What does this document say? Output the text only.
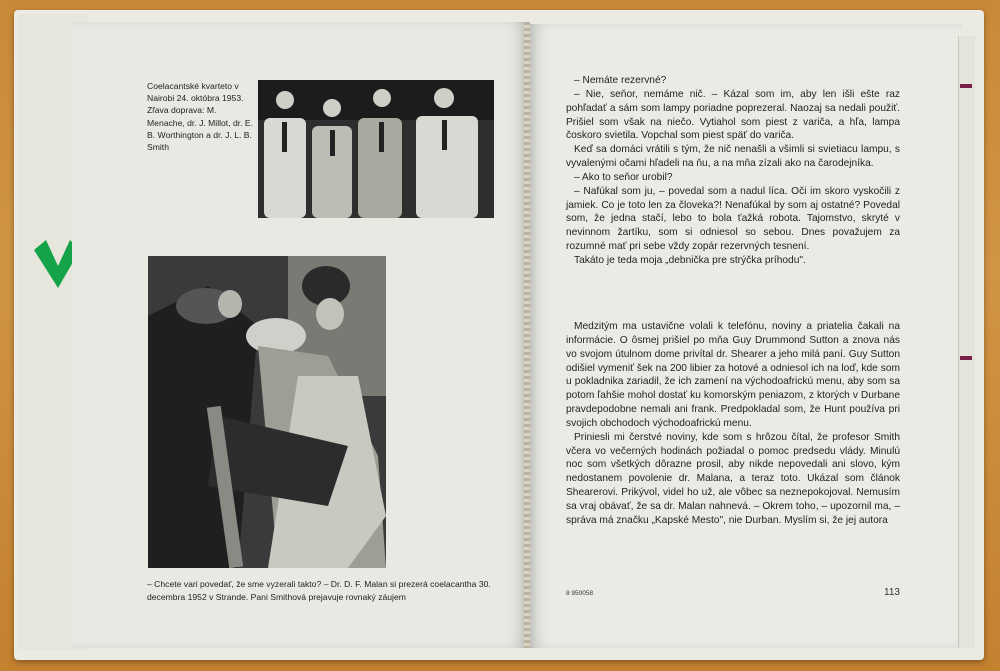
Coelacantské kvarteto v Nairobi 24. októbra 1953. Zľava doprava: M. Menache, dr. J. Millot, dr. E. B. Worthington a dr. J. L. B. Smith
– Chcete vari povedať, že sme vyzerali takto? – Dr. D. F. Malan si prezerá coelacantha 30. decembra 1952 v Strande. Pani Smithová prejavuje rovnaký záujem

– Nemáte rezervné?

– Nie, seňor, nemáme nič. – Kázal som im, aby len išli ešte raz pohľadať a sám som lampy poriadne poprezeral. Naozaj sa nedali použiť. Prišiel som však na niečo. Vytiahol som piest z variča, a hľa, lampa čoskoro svietila. Vopchal som piest späť do variča.

Keď sa domáci vrátili s tým, že nič nenašli a všimli si svietiacu lampu, s vyvalenými očami hľadeli na ňu, a na mňa zízali ako na čarodejníka.

– Ako to seňor urobil?

– Nafúkal som ju, – povedal som a nadul líca. Oči im skoro vyskočili z jamiek. Co je toto len za človeka?! Nenafúkal by som aj ostatné? Povedal som, že jedna stačí, lebo to bola ťažká robota. Tajomstvo, skryté v nevinnom žartíku, som si odniesol so sebou. Dnes považujem za rozumné mať pri sebe vždy zopár rezervných tesnení.

Takáto je teda moja „debnička pre strýčka príhodu".

Medzitým ma ustavične volali k telefónu, noviny a priatelia čakali na informácie. O ôsmej prišiel po mňa Guy Drummond Sutton a znova nás vo svojom útulnom dome privítal dr. Shearer a jeho milá paní. Guy Sutton odišiel vymeniť šek na 200 libier za hotové a odniesol ich na loď, kde som u pokladnika zariadil, že ich zamení na východoafrickú menu, aby som sa potom ľahšie mohol dostať ku komorským peniazom, z ktorých v Durbane pravdepodobne nemali ani frank. Predpokladal som, že Hunt používa pri svojich obchodoch východoafrickú menu.

Priniesli mi čerstvé noviny, kde som s hrôzou čítal, že profesor Smith včera vo večerných hodinách požiadal o pomoc predsedu vlády. Minulú noc som všetkých dôrazne prosil, aby nikde nepovedali ani slovo, kým nedostanem povolenie dr. Malana, a teraz toto. Ukázal som článok Shearerovi. Prikývol, videl ho už, ale vôbec sa neznepokojoval. Nemusím sa vraj obávať, že sa dr. Malan nahnevá. – Okrem toho, – upozornil ma, – správa má značku „Kapské Mesto", nie Durban. Myslím si, že jej autora

8 950058	113
